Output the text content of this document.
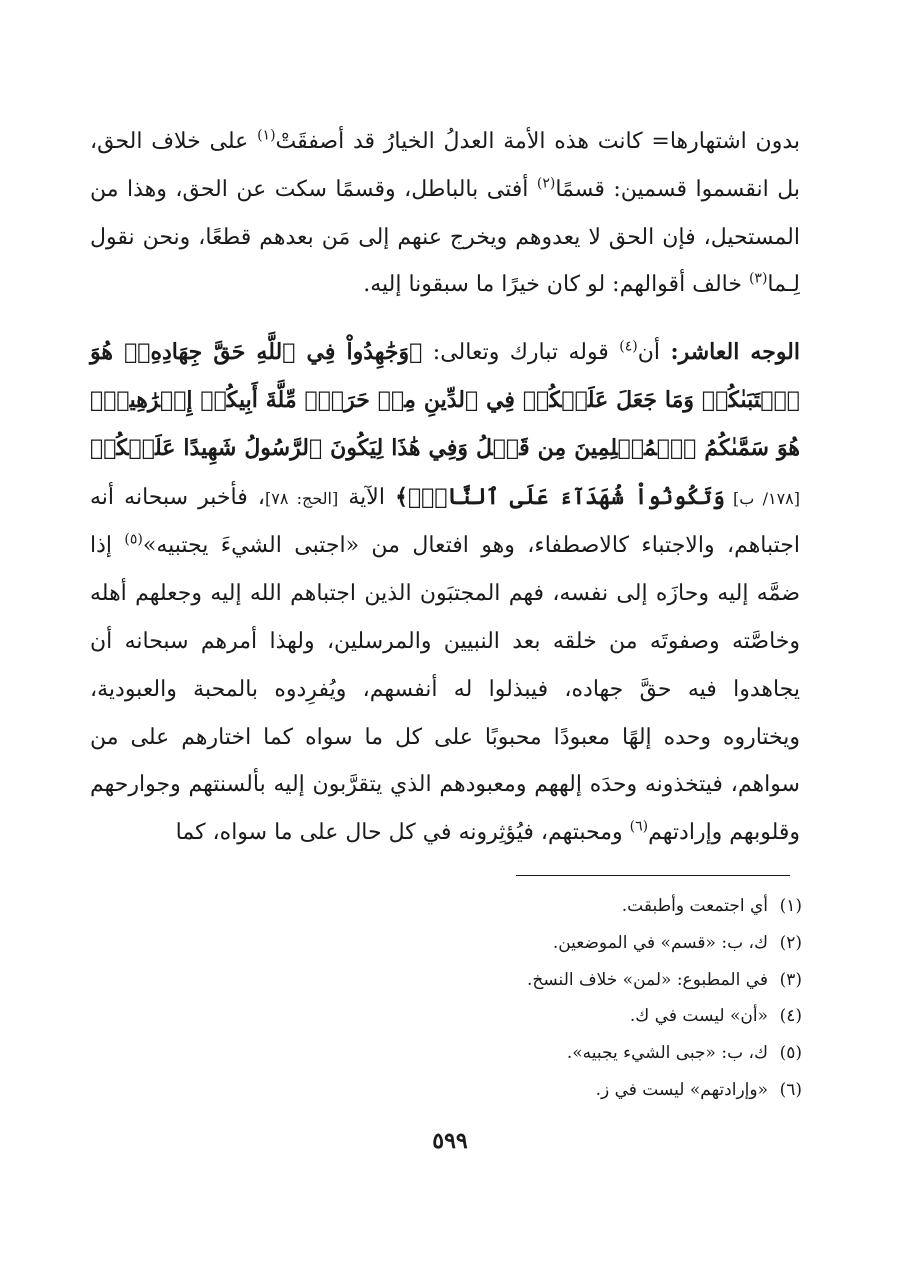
بدون اشتهارها= كانت هذه الأمة العدلُ الخيارُ قد أصفقَتْ$^{(١)}$ على خلاف الحق، بل انقسموا قسمين: قسمًا$^{(٢)}$ أفتى بالباطل، وقسمًا سكت عن الحق، وهذا من المستحيل، فإن الحق لا يعدوهم ويخرج عنهم إلى مَن بعدهم قطعًا، ونحن نقول لِـما$^{(٣)}$ خالف أقوالهم: لو كان خيرًا ما سبقونا إليه.

الوجه العاشر: أن$^{(٤)}$ قوله تبارك وتعالى: ﴿وَجَٰهِدُواْ فِي ٱللَّهِ حَقَّ جِهَادِهِۦۚ هُوَ ٱجۡتَبَىٰكُمۡ وَمَا جَعَلَ عَلَيۡكُمۡ فِي ٱلدِّينِ مِنۡ حَرَجٖۚ مِّلَّةَ أَبِيكُمۡ إِبۡرَٰهِيمَۚ هُوَ سَمَّىٰكُمُ ٱلۡمُسۡلِمِينَ مِن قَبۡلُ وَفِي هَٰذَا لِيَكُونَ ٱلرَّسُولُ شَهِيدًا عَلَيۡكُمۡ [١٧٨/ ب] وَتَكُونُواْ شُهَدَآءَ عَلَى ٱلنَّاسِۚ﴾ الآية [الحج: ٧٨]، فأخبر سبحانه أنه اجتباهم، والاجتباء كالاصطفاء، وهو افتعال من «اجتبى الشيءَ يجتبيه»$^{(٥)}$ إذا ضمَّه إليه وحازَه إلى نفسه، فهم المجتبَون الذين اجتباهم الله إليه وجعلهم أهله وخاصَّته وصفوتَه من خلقه بعد النبيين والمرسلين، ولهذا أمرهم سبحانه أن يجاهدوا فيه حقَّ جهاده، فيبذلوا له أنفسهم، ويُفرِدوه بالمحبة والعبودية، ويختاروه وحده إلهًا معبودًا محبوبًا على كل ما سواه كما اختارهم على من سواهم، فيتخذونه وحدَه إلههم ومعبودهم الذي يتقرَّبون إليه بألسنتهم وجوارحهم وقلوبهم وإرادتهم$^{(٦)}$ ومحبتهم، فيُؤثِرونه في كل حال على ما سواه، كما

(١)أي اجتمعت وأطبقت.
(٢)ك، ب: «قسم» في الموضعين.
(٣)في المطبوع: «لمن» خلاف النسخ.
(٤)«أن» ليست في ك.
(٥)ك، ب: «جبى الشيء يجبيه».
(٦)«وإرادتهم» ليست في ز.
٥٩٩
